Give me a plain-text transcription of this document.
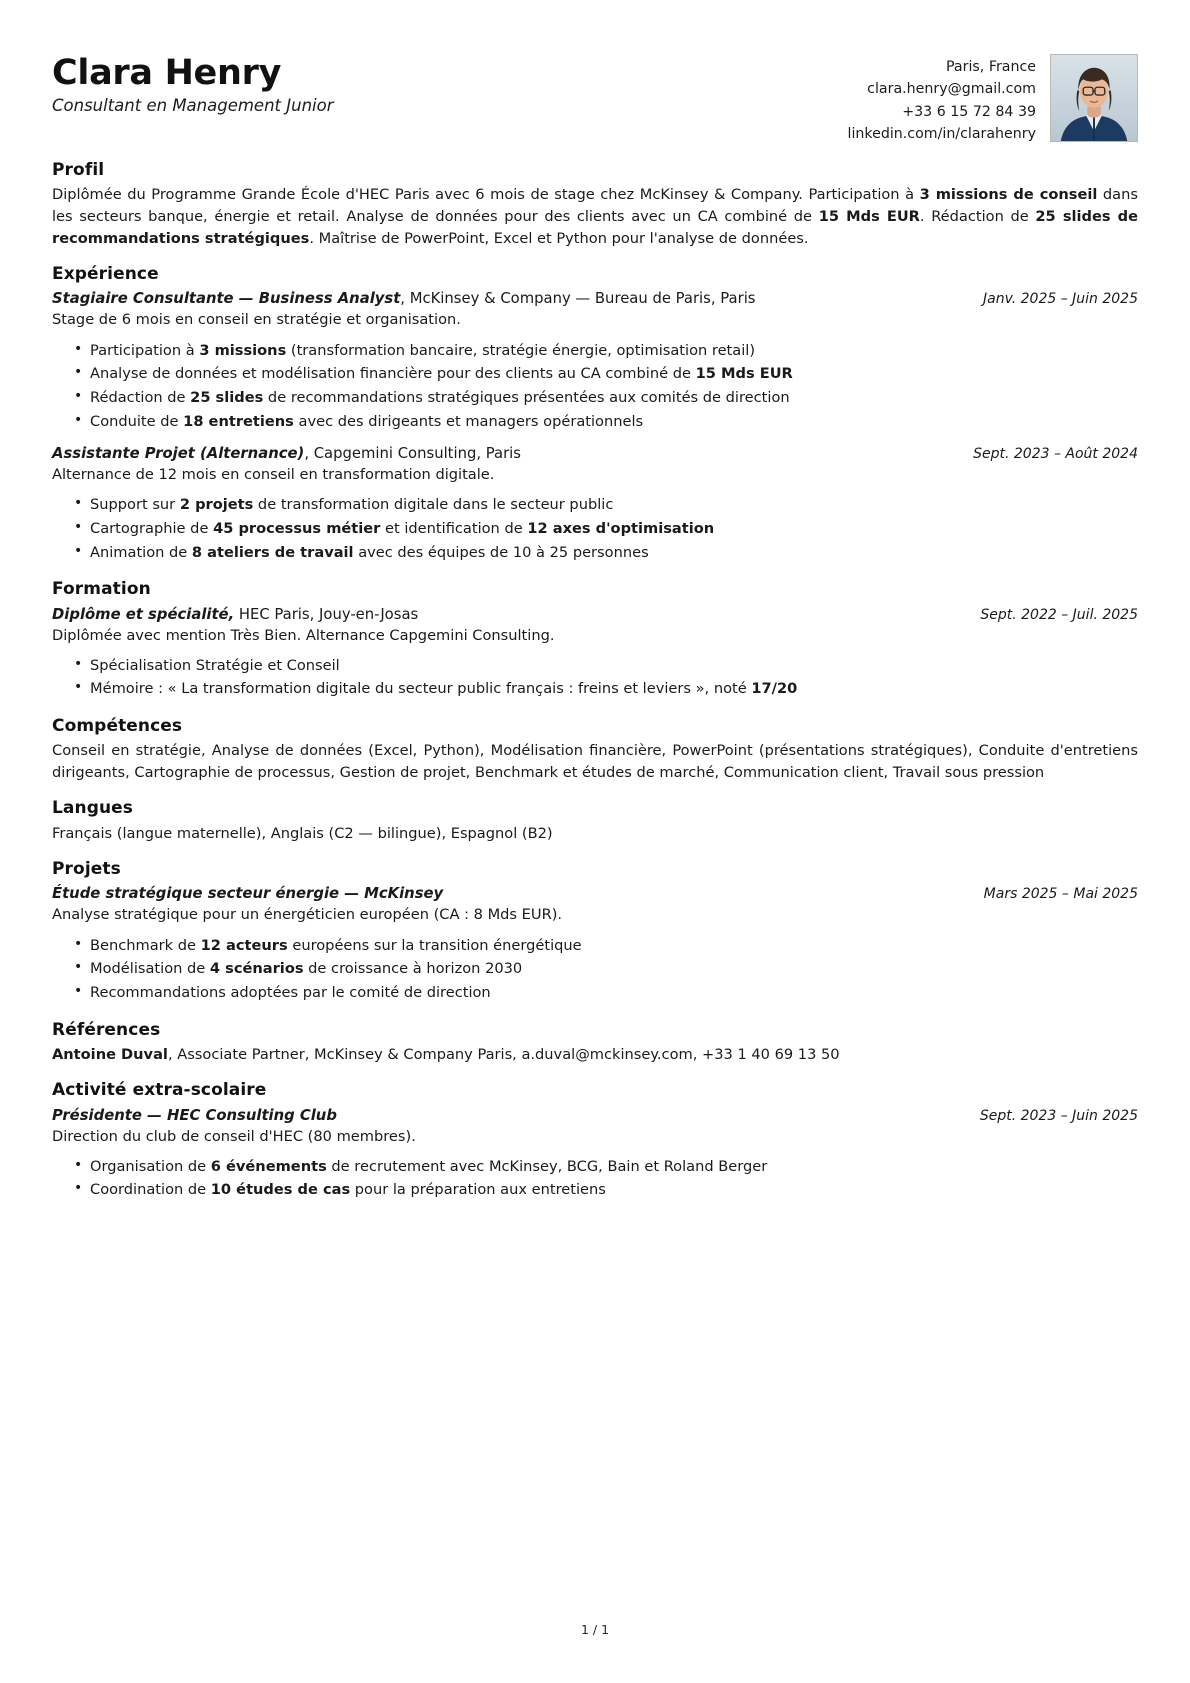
Clara Henry

Consultant en Management Junior

Paris, France
clara.henry@gmail.com
+33 6 15 72 84 39
linkedin.com/in/clarahenry
Profil

Diplômée du Programme Grande École d'HEC Paris avec 6 mois de stage chez McKinsey & Company. Participation à 3 missions de conseil dans les secteurs banque, énergie et retail. Analyse de données pour des clients avec un CA combiné de 15 Mds EUR. Rédaction de 25 slides de recommandations stratégiques. Maîtrise de PowerPoint, Excel et Python pour l'analyse de données.

Expérience
Stagiaire Consultante — Business Analyst, McKinsey & Company — Bureau de Paris, Paris	Janv. 2025 – Juin 2025
Stage de 6 mois en conseil en stratégie et organisation.
• Participation à 3 missions (transformation bancaire, stratégie énergie, optimisation retail)
• Analyse de données et modélisation financière pour des clients au CA combiné de 15 Mds EUR
• Rédaction de 25 slides de recommandations stratégiques présentées aux comités de direction
• Conduite de 18 entretiens avec des dirigeants et managers opérationnels
Assistante Projet (Alternance), Capgemini Consulting, Paris	Sept. 2023 – Août 2024
Alternance de 12 mois en conseil en transformation digitale.
• Support sur 2 projets de transformation digitale dans le secteur public
• Cartographie de 45 processus métier et identification de 12 axes d'optimisation
• Animation de 8 ateliers de travail avec des équipes de 10 à 25 personnes
Formation
Diplôme et spécialité, HEC Paris, Jouy-en-Josas	Sept. 2022 – Juil. 2025
Diplômée avec mention Très Bien. Alternance Capgemini Consulting.
• Spécialisation Stratégie et Conseil
• Mémoire : « La transformation digitale du secteur public français : freins et leviers », noté 17/20
Compétences

Conseil en stratégie, Analyse de données (Excel, Python), Modélisation financière, PowerPoint (présentations stratégiques), Conduite d'entretiens dirigeants, Cartographie de processus, Gestion de projet, Benchmark et études de marché, Communication client, Travail sous pression

Langues

Français (langue maternelle), Anglais (C2 — bilingue), Espagnol (B2)

Projets
Étude stratégique secteur énergie — McKinsey	Mars 2025 – Mai 2025
Analyse stratégique pour un énergéticien européen (CA : 8 Mds EUR).
• Benchmark de 12 acteurs européens sur la transition énergétique
• Modélisation de 4 scénarios de croissance à horizon 2030
• Recommandations adoptées par le comité de direction
Références

Antoine Duval, Associate Partner, McKinsey & Company Paris, a.duval@mckinsey.com, +33 1 40 69 13 50

Activité extra-scolaire
Présidente — HEC Consulting Club	Sept. 2023 – Juin 2025
Direction du club de conseil d'HEC (80 membres).
• Organisation de 6 événements de recrutement avec McKinsey, BCG, Bain et Roland Berger
• Coordination de 10 études de cas pour la préparation aux entretiens
1 / 1
